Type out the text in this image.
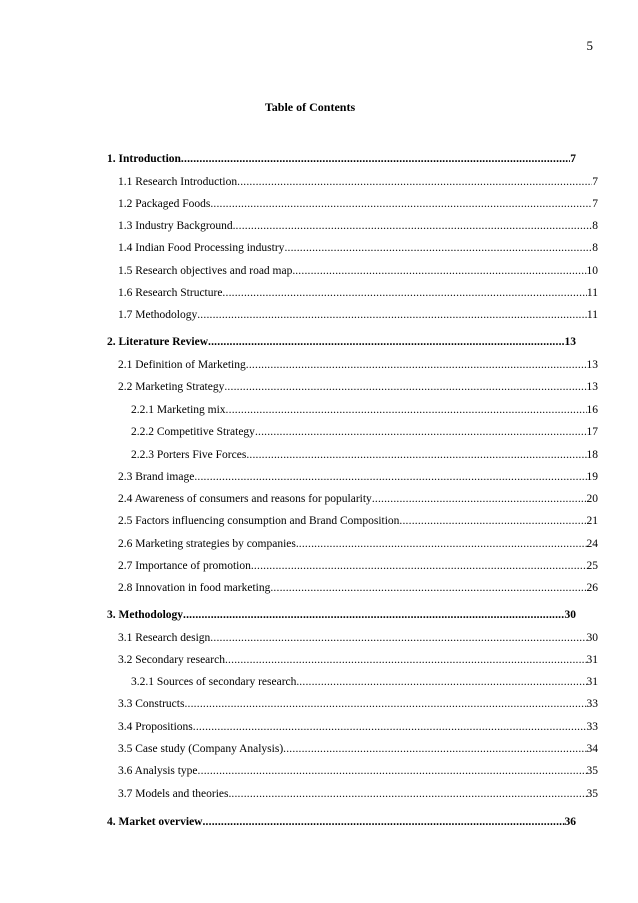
5
Table of Contents
1. Introduction .....	7
1.1 Research Introduction .....	7
1.2 Packaged Foods .....	7
1.3 Industry Background. .....	8
1.4 Indian Food Processing industry .....	8
1.5 Research objectives and road map. .....	10
1.6 Research Structure .....	11
1.7 Methodology .....	11
2. Literature Review .....	13
2.1 Definition of Marketing .....	13
2.2 Marketing Strategy .....	13
2.2.1 Marketing mix .....	16
2.2.2 Competitive Strategy .....	17
2.2.3 Porters Five Forces .....	18
2.3 Brand image .....	19
2.4 Awareness of consumers and reasons for popularity .....	20
2.5 Factors influencing consumption and Brand Composition .....	21
2.6 Marketing strategies by companies. .....	24
2.7 Importance of promotion .....	25
2.8 Innovation in food marketing .....	26
3. Methodology .....	30
3.1 Research design .....	30
3.2 Secondary research .....	31
3.2.1 Sources of secondary research. .....	31
3.3 Constructs .....	33
3.4 Propositions .....	33
3.5 Case study (Company Analysis) .....	34
3.6 Analysis type .....	35
3.7 Models and theories. .....	35
4. Market overview .....	36
